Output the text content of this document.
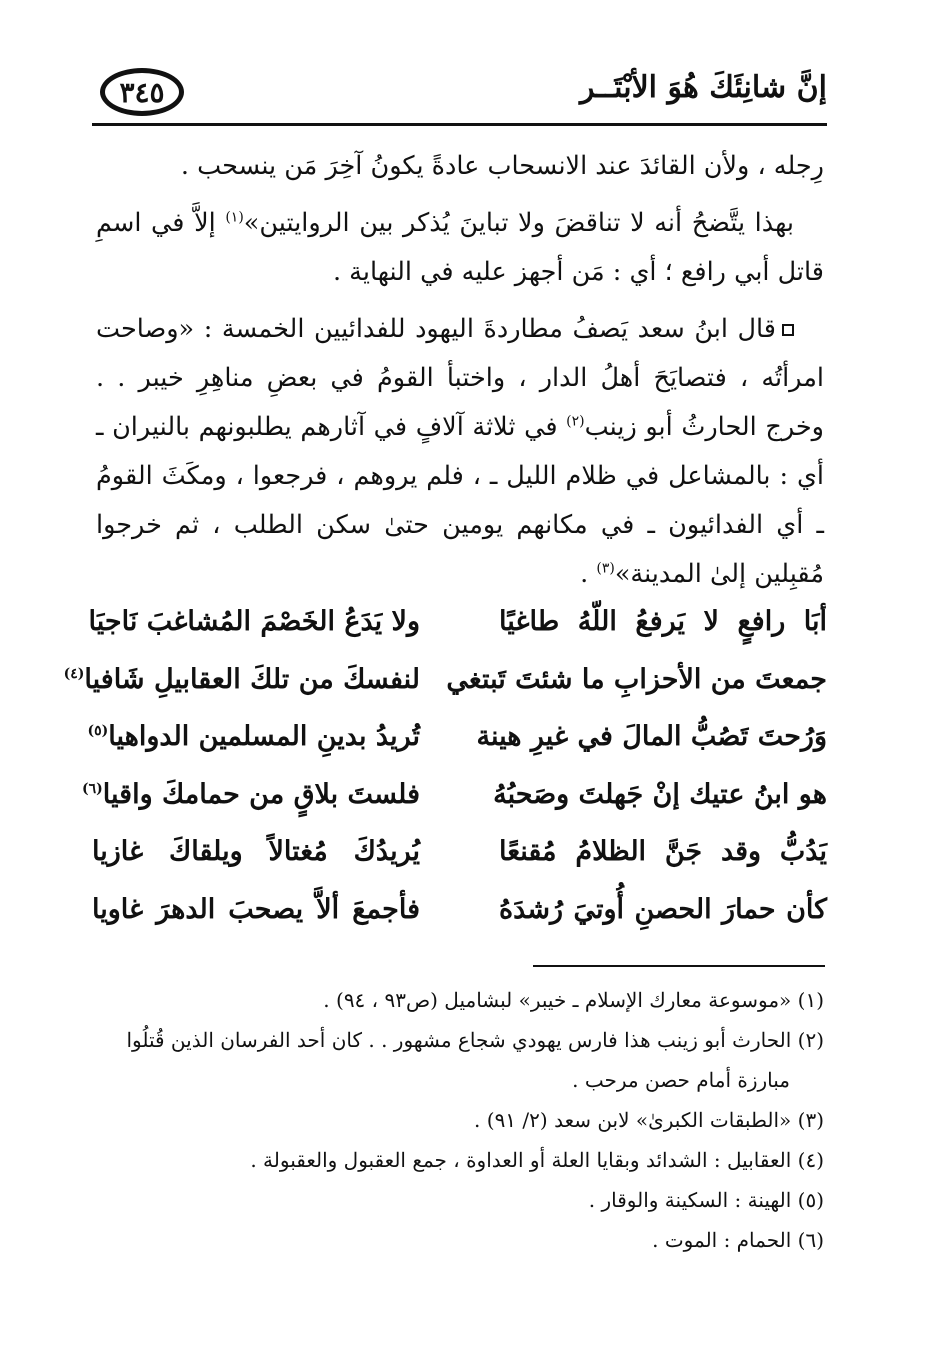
إنَّ شانِئَكَ هُوَ الأبْتَــر
٣٤٥

رِجله ، ولأن القائدَ عند الانسحاب عادةً يكونُ آخِرَ مَن ينسحب .

بهذا يتَّضحُ أنه لا تناقضَ ولا تباينَ يُذكر بين الروايتين»$^{(١)}$ إلاَّ في اسمِ قاتل أبي رافع ؛ أي : مَن أجهز عليه في النهاية .

قال ابنُ سعد يَصفُ مطاردةَ اليهود للفدائيين الخمسة : «وصاحت امرأتُه ، فتصايَحَ أهلُ الدار ، واختبأ القومُ في بعضِ مناهِرِ خيبر . . وخرج الحارثُ أبو زينب$^{(٢)}$ في ثلاثة آلافٍ في آثارهم يطلبونهم بالنيران ـ أي : بالمشاعل في ظلام الليل ـ ، فلم يروهم ، فرجعوا ، ومكَثَ القومُ ـ أي الفدائيون ـ في مكانهم يومين حتىٰ سكن الطلب ، ثم خرجوا مُقبِلين إلىٰ المدينة»$^{(٣)}$ .

أبَا رافعٍ لا يَرفعُ اللّهُ طاغيًا
ولا يَدَعُ الخَصْمَ المُشاغبَ نَاجيَا
جمعتَ من الأحزابِ ما شئتَ تَبتغي
لنفسكَ من تلكَ العقابيلِ شَافيا$^{(٤)}$
وَرُحتَ تَصُبُّ المالَ في غيرِ هينة
تُريدُ بدينِ المسلمين الدواهيا$^{(٥)}$
هو ابنُ عتيك إنْ جَهلتَ وصَحبُهُ
فلستَ بلاقٍ من حمامكَ واقيا$^{(٦)}$
يَدُبُّ وقد جَنَّ الظلامُ مُقنعًا
يُريدُكَ مُغتالاً ويلقاكَ غازيا
كأن حمارَ الحصنِ أُوتيَ رُشدَهُ
فأجمعَ ألاَّ يصحبَ الدهرَ غاويا

(١) «موسوعة معارك الإسلام ـ خيبر» لبشاميل (ص٩٣ ، ٩٤) .

(٢) الحارث أبو زينب هذا فارس يهودي شجاع مشهور . . كان أحد الفرسان الذين قُتلُوا

مبارزة أمام حصن مرحب .

(٣) «الطبقات الكبرىٰ» لابن سعد (٢/ ٩١) .

(٤) العقابيل : الشدائد وبقايا العلة أو العداوة ، جمع العقبول والعقبولة .

(٥) الهينة : السكينة والوقار .

(٦) الحمام : الموت .
